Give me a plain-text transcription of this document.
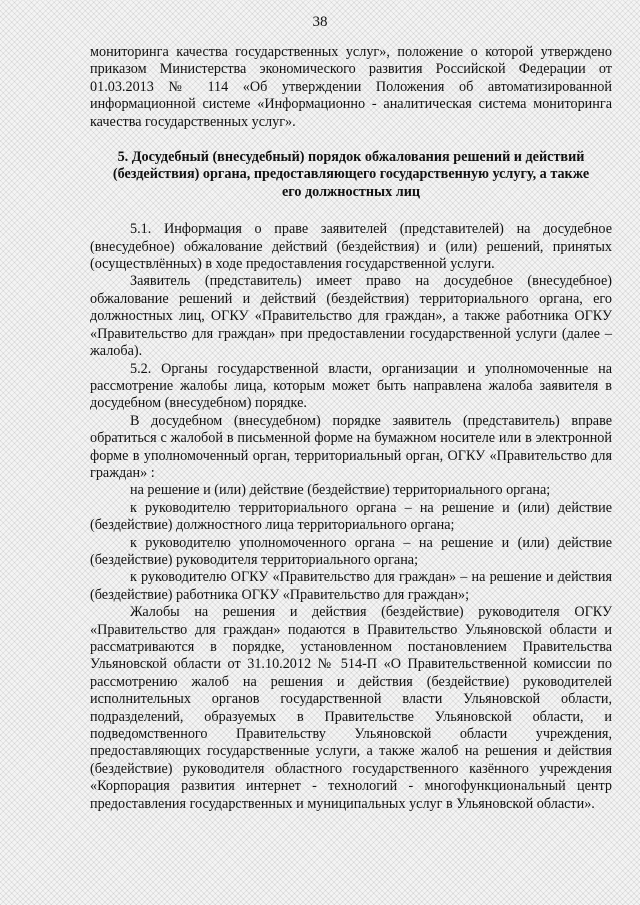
38

мониторинга качества государственных услуг», положение о которой утверждено приказом Министерства экономического развития Российской Федерации от 01.03.2013 № 114 «Об утверждении Положения об автоматизированной информационной системе «Информационно - аналитическая система мониторинга качества государственных услуг».

5. Досудебный (внесудебный) порядок обжалования решений и действий (бездействия) органа, предоставляющего государственную услугу, а также его должностных лиц

5.1. Информация о праве заявителей (представителей) на досудебное (внесудебное) обжалование действий (бездействия) и (или) решений, принятых (осуществлённых) в ходе предоставления государственной услуги.

Заявитель (представитель) имеет право на досудебное (внесудебное) обжалование решений и действий (бездействия) территориального органа, его должностных лиц, ОГКУ «Правительство для граждан», а также работника ОГКУ «Правительство для граждан» при предоставлении государственной услуги (далее – жалоба).

5.2. Органы государственной власти, организации и уполномоченные на рассмотрение жалобы лица, которым может быть направлена жалоба заявителя в досудебном (внесудебном) порядке.

В досудебном (внесудебном) порядке заявитель (представитель) вправе обратиться с жалобой в письменной форме на бумажном носителе или в электронной форме в уполномоченный орган, территориальный орган, ОГКУ «Правительство для граждан» :

на решение и (или) действие (бездействие) территориального органа;

к руководителю территориального органа – на решение и (или) действие (бездействие) должностного лица территориального органа;

к руководителю уполномоченного органа – на решение и (или) действие (бездействие) руководителя территориального органа;

к руководителю ОГКУ «Правительство для граждан» – на решение и действия (бездействие) работника ОГКУ «Правительство для граждан»;

Жалобы на решения и действия (бездействие) руководителя ОГКУ «Правительство для граждан» подаются в Правительство Ульяновской области и рассматриваются в порядке, установленном постановлением Правительства Ульяновской области от 31.10.2012 № 514-П «О Правительственной комиссии по рассмотрению жалоб на решения и действия (бездействие) руководителей исполнительных органов государственной власти Ульяновской области, подразделений, образуемых в Правительстве Ульяновской области, и подведомственного Правительству Ульяновской области учреждения, предоставляющих государственные услуги, а также жалоб на решения и действия (бездействие) руководителя областного государственного казённого учреждения «Корпорация развития интернет - технологий - многофункциональный центр предоставления государственных и муниципальных услуг в Ульяновской области».
